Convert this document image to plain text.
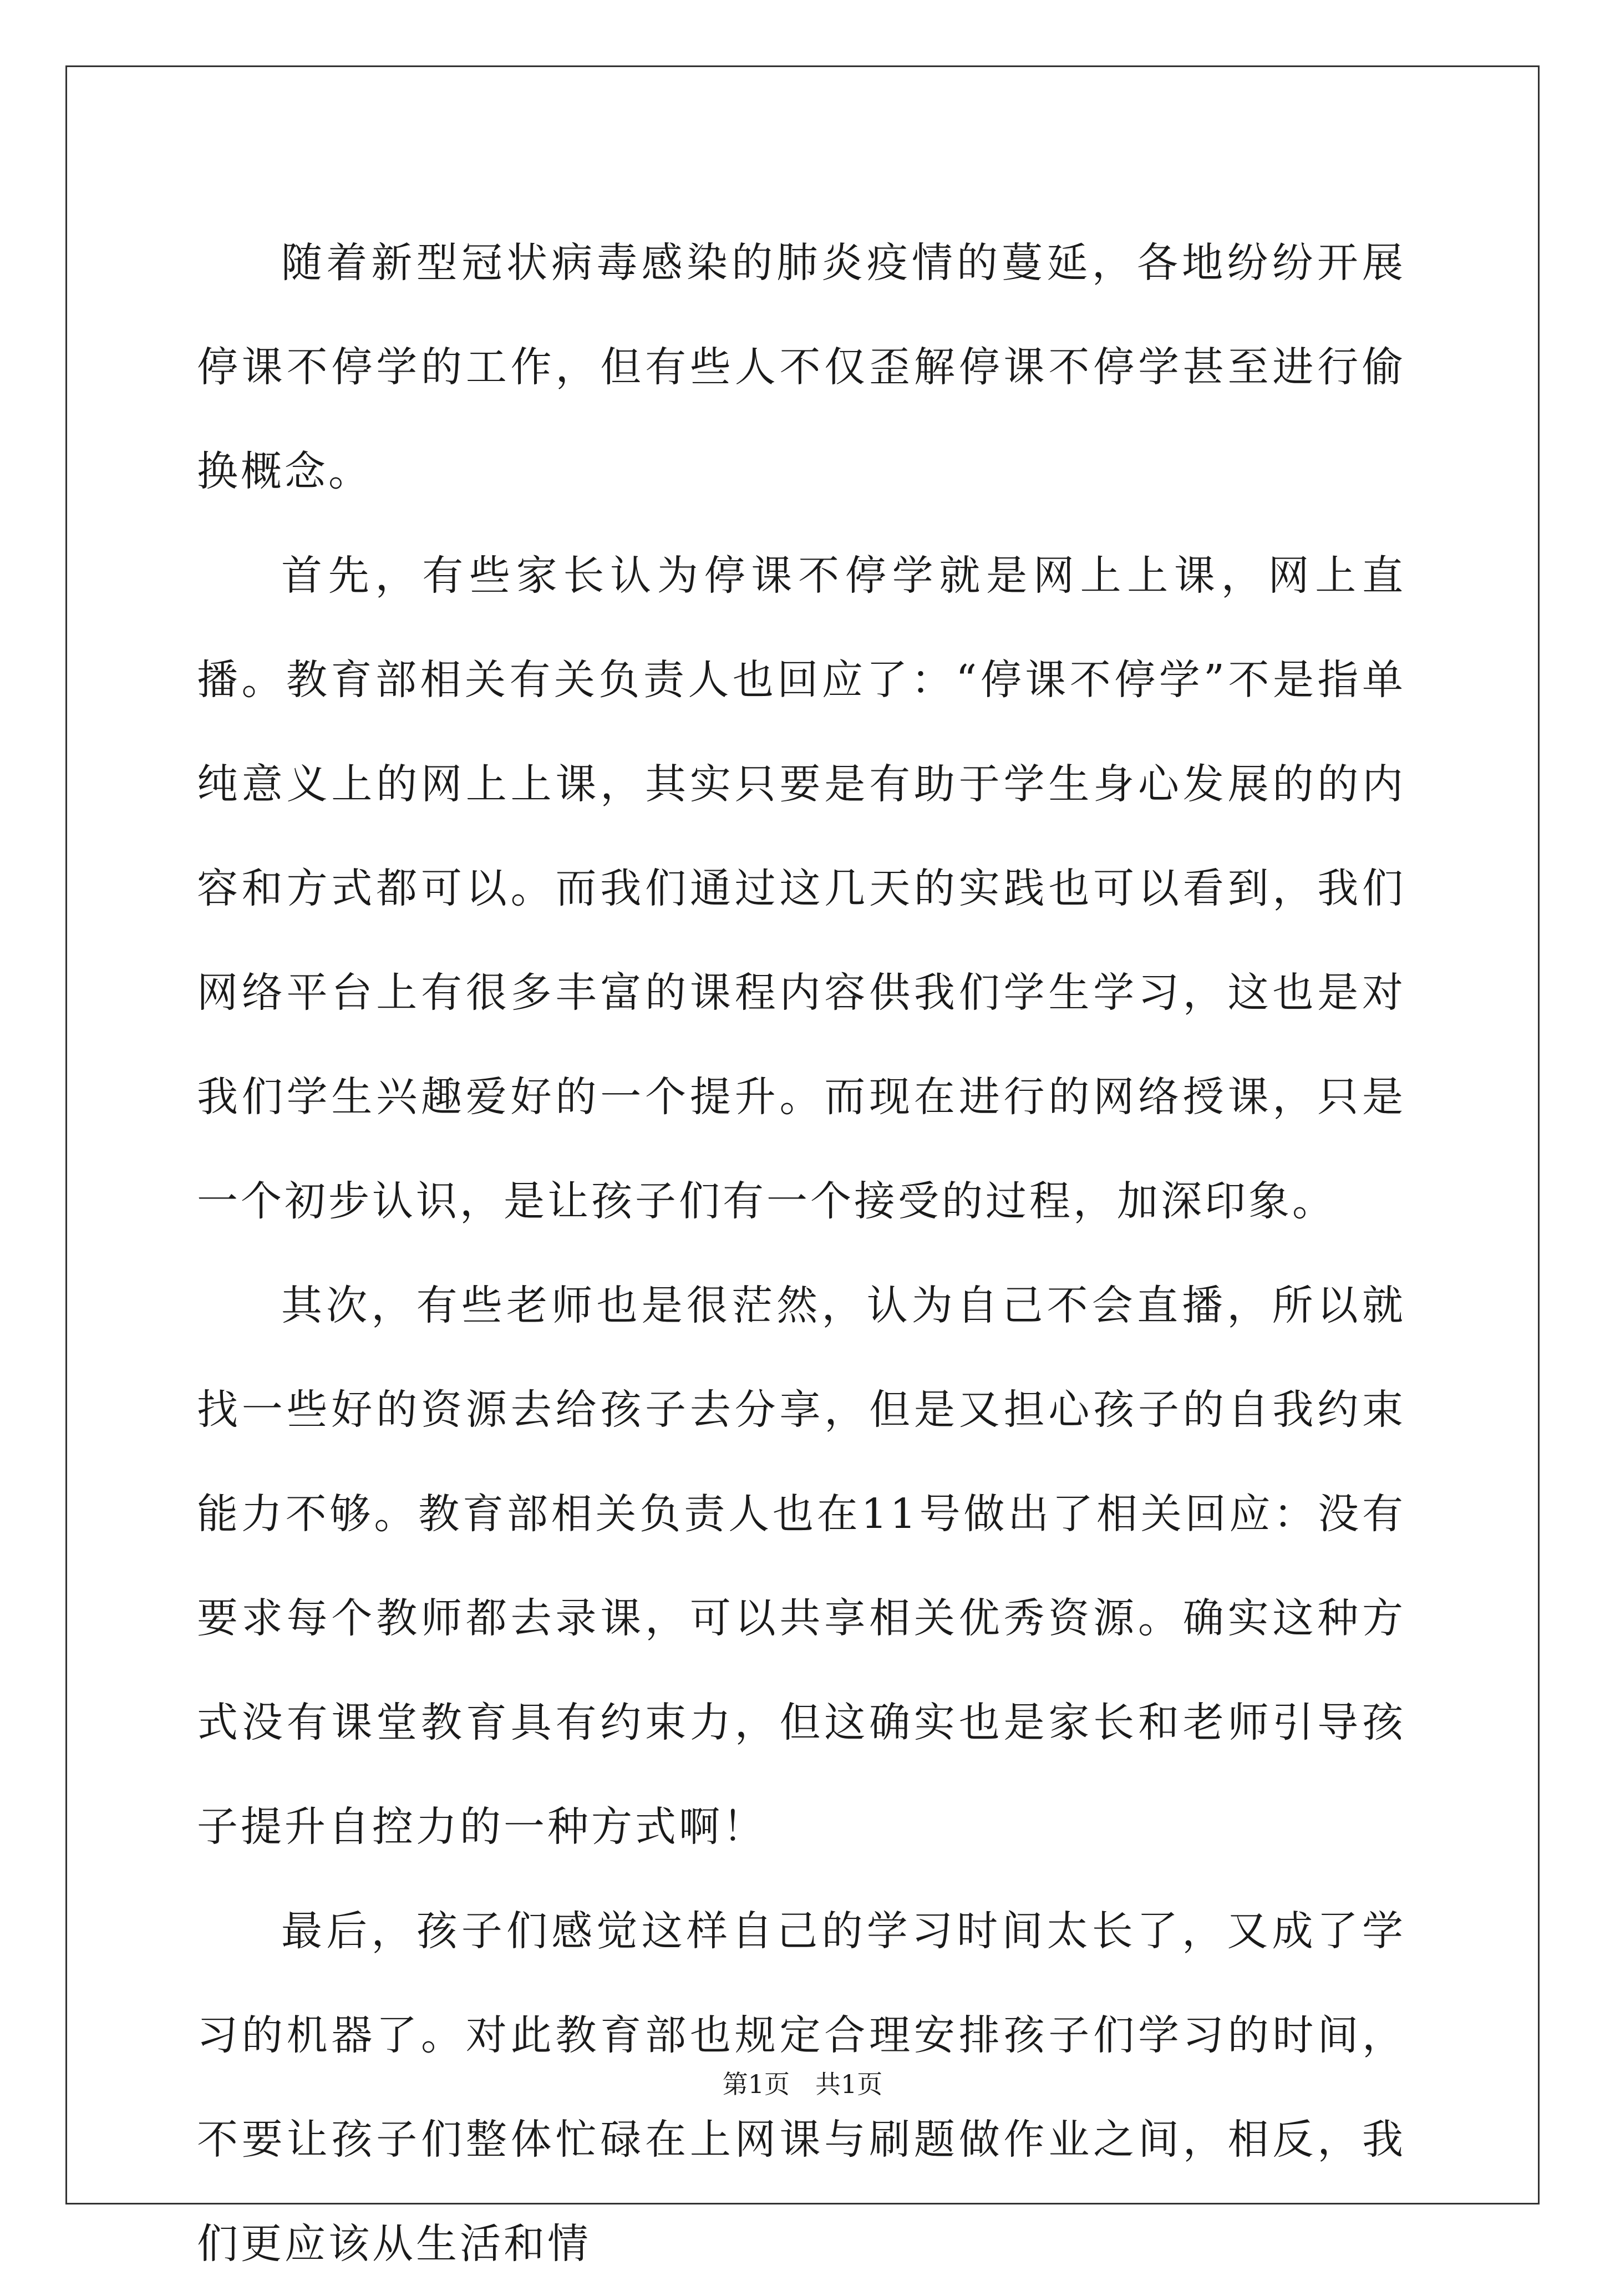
随着新型冠状病毒感染的肺炎疫情的蔓延，各地纷纷开展停课不停学的工作，但有些人不仅歪解停课不停学甚至进行偷换概念。

首先，有些家长认为停课不停学就是网上上课，网上直播。教育部相关有关负责人也回应了：“停课不停学”不是指单纯意义上的网上上课，其实只要是有助于学生身心发展的的内容和方式都可以。而我们通过这几天的实践也可以看到，我们网络平台上有很多丰富的课程内容供我们学生学习，这也是对我们学生兴趣爱好的一个提升。而现在进行的网络授课，只是一个初步认识，是让孩子们有一个接受的过程，加深印象。

其次，有些老师也是很茫然，认为自己不会直播，所以就找一些好的资源去给孩子去分享，但是又担心孩子的自我约束能力不够。教育部相关负责人也在11号做出了相关回应：没有要求每个教师都去录课，可以共享相关优秀资源。确实这种方式没有课堂教育具有约束力，但这确实也是家长和老师引导孩子提升自控力的一种方式啊！

最后，孩子们感觉这样自己的学习时间太长了，又成了学习的机器了。对此教育部也规定合理安排孩子们学习的时间，不要让孩子们整体忙碌在上网课与刷题做作业之间，相反，我们更应该从生活和情

第1页　共1页
